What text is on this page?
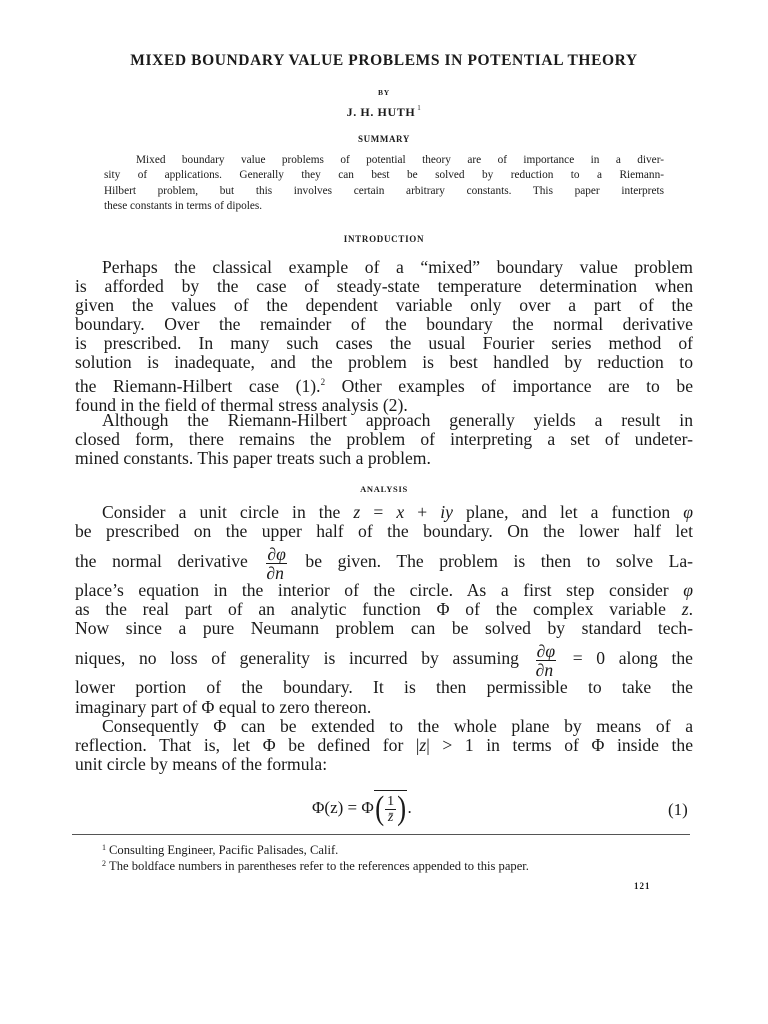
MIXED BOUNDARY VALUE PROBLEMS IN POTENTIAL THEORY
BY
J. H. HUTH $^1$
SUMMARY
Mixed boundary value problems of potential theory are of importance in a diver-
sity of applications. Generally they can best be solved by reduction to a Riemann-
Hilbert problem, but this involves certain arbitrary constants. This paper interprets
these constants in terms of dipoles.
INTRODUCTION
Perhaps the classical example of a “mixed” boundary value problem
is afforded by the case of steady-state temperature determination when
given the values of the dependent variable only over a part of the
boundary. Over the remainder of the boundary the normal derivative
is prescribed. In many such cases the usual Fourier series method of
solution is inadequate, and the problem is best handled by reduction to
the Riemann-Hilbert case (1).$^2$ Other examples of importance are to be
found in the field of thermal stress analysis (2).
Although the Riemann-Hilbert approach generally yields a result in
closed form, there remains the problem of interpreting a set of undeter-
mined constants. This paper treats such a problem.
ANALYSIS
Consider a unit circle in the z = x + iy plane, and let a function φ
be prescribed on the upper half of the boundary. On the lower half let
the normal derivative $\frac{\partial\varphi}{\partial n}$ be given. The problem is then to solve La-
place’s equation in the interior of the circle. As a first step consider φ
as the real part of an analytic function Φ of the complex variable z.
Now since a pure Neumann problem can be solved by standard tech-
niques, no loss of generality is incurred by assuming $\frac{\partial\varphi}{\partial n} = 0$ along the
lower portion of the boundary. It is then permissible to take the
imaginary part of Φ equal to zero thereon.
Consequently Φ can be extended to the whole plane by means of a
reflection. That is, let Φ be defined for |z| > 1 in terms of Φ inside the
unit circle by means of the formula:
Φ(z) = Φ ( $\frac{1}{z̄}$ ) .	(1)
$^1$ Consulting Engineer, Pacific Palisades, Calif.
$^2$ The boldface numbers in parentheses refer to the references appended to this paper.
121
